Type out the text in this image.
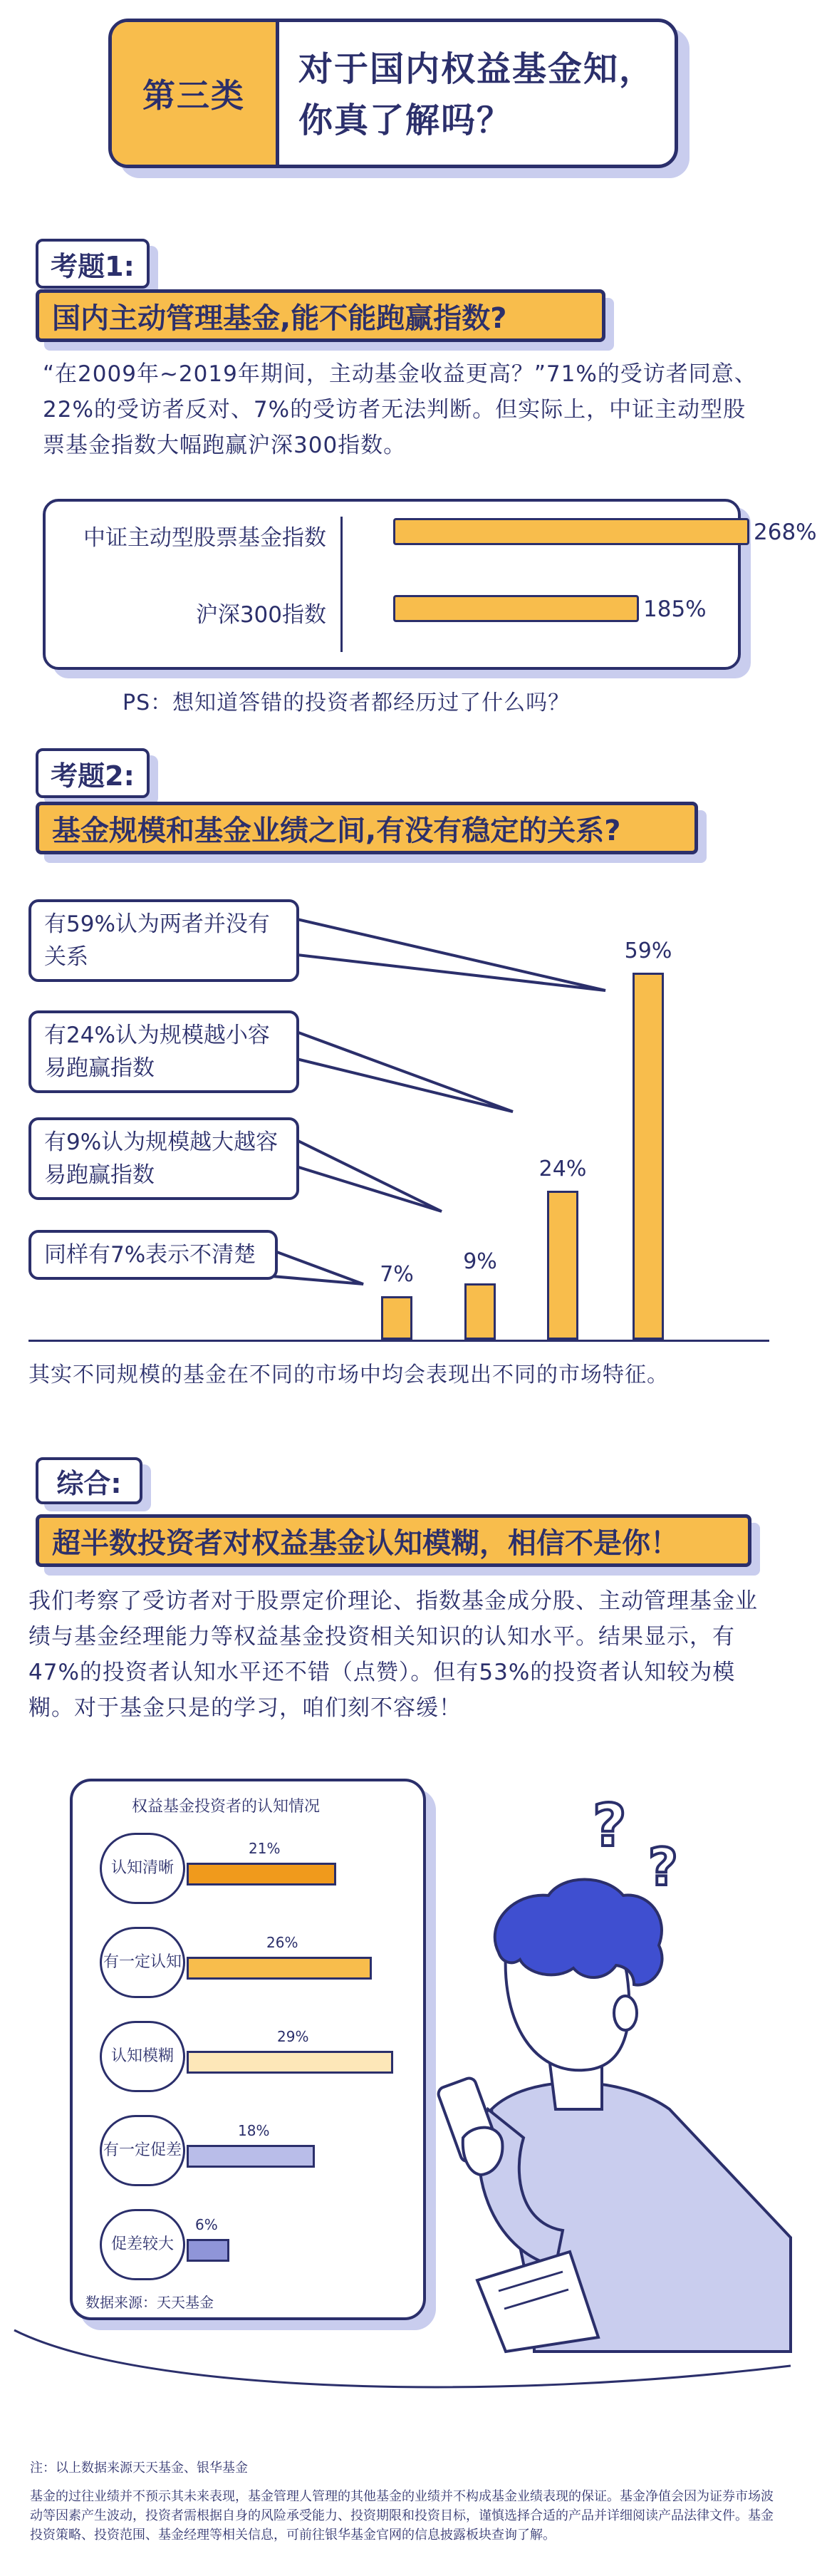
第三类
对于国内权益基金知，
你真了解吗？
考题1:
国内主动管理基金,能不能跑赢指数?
“在2009年~2019年期间，主动基金收益更高？”71%的受访者同意、22%的受访者反对、7%的受访者无法判断。但实际上，中证主动型股票基金指数大幅跑赢沪深300指数。
PS：想知道答错的投资者都经历过了什么吗？
考题2:
基金规模和基金业绩之间,有没有稳定的关系?
有59%认为两者并没有关系
有24%认为规模越小容易跑赢指数
有9%认为规模越大越容易跑赢指数
同样有7%表示不清楚
其实不同规模的基金在不同的市场中均会表现出不同的市场特征。
综合:
超半数投资者对权益基金认知模糊，相信不是你！
我们考察了受访者对于股票定价理论、指数基金成分股、主动管理基金业绩与基金经理能力等权益基金投资相关知识的认知水平。结果显示，有47%的投资者认知水平还不错（点赞）。但有53%的投资者认知较为模糊。对于基金只是的学习，咱们刻不容缓！
?
?
注：以上数据来源天天基金、银华基金
基金的过往业绩并不预示其未来表现，基金管理人管理的其他基金的业绩并不构成基金业绩表现的保证。基金净值会因为证券市场波动等因素产生波动，投资者需根据自身的风险承受能力、投资期限和投资目标，谨慎选择合适的产品并详细阅读产品法律文件。基金投资策略、投资范围、基金经理等相关信息，可前往银华基金官网的信息披露板块查询了解。
中证主动型股票基金指数	268%
沪深300指数	185%
7%
9%
24%
59%
权益基金投资者的认知情况
认知 清晰
21%
有一定 认知
26%
认知 模糊
29%
有一定 促差
18%
促差 较大
6%
数据来源：天天基金
